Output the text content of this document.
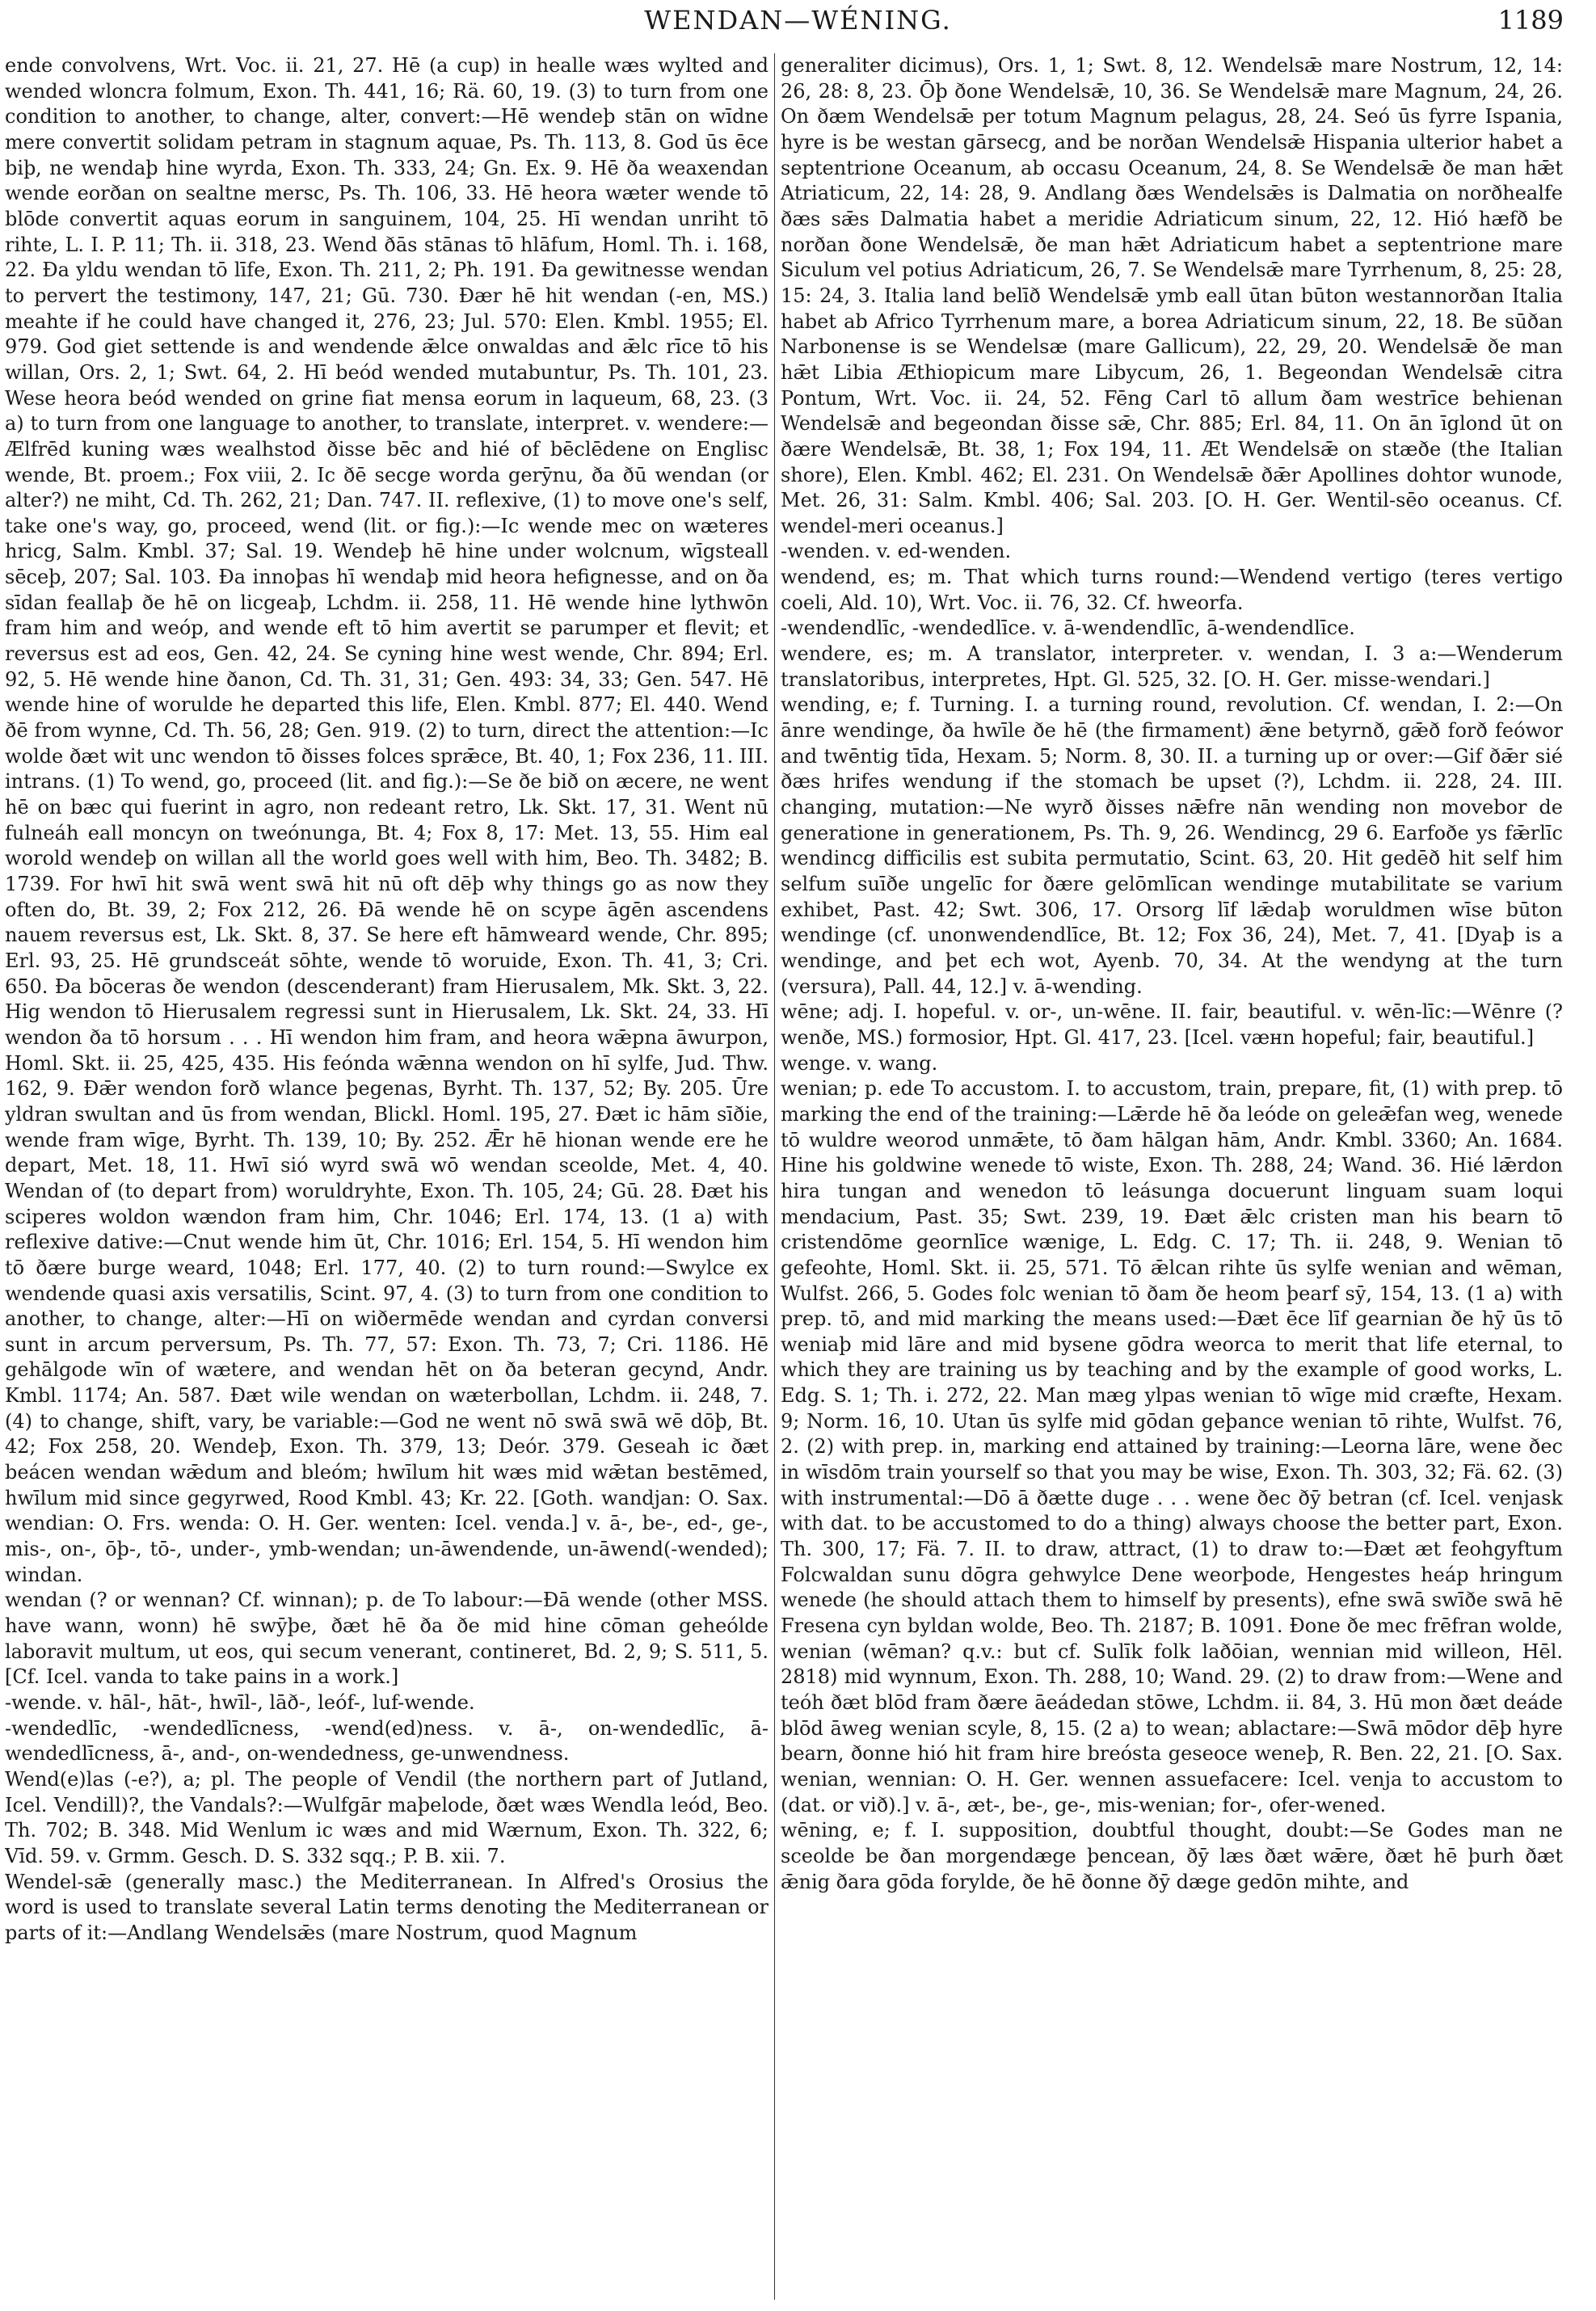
WENDAN—WÉNING.	1189

ende convolvens, Wrt. Voc. ii. 21, 27. Hē (a cup) in healle wæs wylted and wended wloncra folmum, Exon. Th. 441, 16; Rä. 60, 19. (3) to turn from one condition to another, to change, alter, convert:—Hē wendeþ stān on wīdne mere convertit solidam petram in stagnum aquae, Ps. Th. 113, 8. God ūs ēce biþ, ne wendaþ hine wyrda, Exon. Th. 333, 24; Gn. Ex. 9. Hē ða weaxendan wende eorðan on sealtne mersc, Ps. Th. 106, 33. Hē heora wæter wende tō blōde convertit aquas eorum in sanguinem, 104, 25. Hī wendan unriht tō rihte, L. I. P. 11; Th. ii. 318, 23. Wend ðās stānas tō hlāfum, Homl. Th. i. 168, 22. Ða yldu wendan tō līfe, Exon. Th. 211, 2; Ph. 191. Ða gewitnesse wendan to pervert the testimony, 147, 21; Gū. 730. Ðær hē hit wendan (-en, MS.) meahte if he could have changed it, 276, 23; Jul. 570: Elen. Kmbl. 1955; El. 979. God giet settende is and wendende ǣlce onwaldas and ǣlc rīce tō his willan, Ors. 2, 1; Swt. 64, 2. Hī beód wended mutabuntur, Ps. Th. 101, 23. Wese heora beód wended on grine fiat mensa eorum in laqueum, 68, 23. (3 a) to turn from one language to another, to translate, interpret. v. wendere:—Ælfrēd kuning wæs wealhstod ðisse bēc and hié of bēclēdene on Englisc wende, Bt. proem.; Fox viii, 2. Ic ðē secge worda gerȳnu, ða ðū wendan (or alter?) ne miht, Cd. Th. 262, 21; Dan. 747. II. reflexive, (1) to move one's self, take one's way, go, proceed, wend (lit. or fig.):—Ic wende mec on wæteres hricg, Salm. Kmbl. 37; Sal. 19. Wendeþ hē hine under wolcnum, wīgsteall sēceþ, 207; Sal. 103. Ða innoþas hī wendaþ mid heora hefignesse, and on ða sīdan feallaþ ðe hē on licgeaþ, Lchdm. ii. 258, 11. Hē wende hine lythwōn fram him and weóp, and wende eft tō him avertit se parumper et flevit; et reversus est ad eos, Gen. 42, 24. Se cyning hine west wende, Chr. 894; Erl. 92, 5. Hē wende hine ðanon, Cd. Th. 31, 31; Gen. 493: 34, 33; Gen. 547. Hē wende hine of worulde he departed this life, Elen. Kmbl. 877; El. 440. Wend ðē from wynne, Cd. Th. 56, 28; Gen. 919. (2) to turn, direct the attention:—Ic wolde ðæt wit unc wendon tō ðisses folces sprǣce, Bt. 40, 1; Fox 236, 11. III. intrans. (1) To wend, go, proceed (lit. and fig.):—Se ðe bið on æcere, ne went hē on bæc qui fuerint in agro, non redeant retro, Lk. Skt. 17, 31. Went nū fulneáh eall moncyn on tweónunga, Bt. 4; Fox 8, 17: Met. 13, 55. Him eal worold wendeþ on willan all the world goes well with him, Beo. Th. 3482; B. 1739. For hwī hit swā went swā hit nū oft dēþ why things go as now they often do, Bt. 39, 2; Fox 212, 26. Ðā wende hē on scype āgēn ascendens nauem reversus est, Lk. Skt. 8, 37. Se here eft hāmweard wende, Chr. 895; Erl. 93, 25. Hē grundsceát sōhte, wende tō woruide, Exon. Th. 41, 3; Cri. 650. Ða bōceras ðe wendon (descenderant) fram Hierusalem, Mk. Skt. 3, 22. Hig wendon tō Hierusalem regressi sunt in Hierusalem, Lk. Skt. 24, 33. Hī wendon ða tō horsum . . . Hī wendon him fram, and heora wǣpna āwurpon, Homl. Skt. ii. 25, 425, 435. His feónda wǣnna wendon on hī sylfe, Jud. Thw. 162, 9. Ðǣr wendon forð wlance þegenas, Byrht. Th. 137, 52; By. 205. Ūre yldran swultan and ūs from wendan, Blickl. Homl. 195, 27. Ðæt ic hām sīðie, wende fram wīge, Byrht. Th. 139, 10; By. 252. Ǣr hē hionan wende ere he depart, Met. 18, 11. Hwī sió wyrd swā wō wendan sceolde, Met. 4, 40. Wendan of (to depart from) woruldryhte, Exon. Th. 105, 24; Gū. 28. Ðæt his sciperes woldon wændon fram him, Chr. 1046; Erl. 174, 13. (1 a) with reflexive dative:—Cnut wende him ūt, Chr. 1016; Erl. 154, 5. Hī wendon him tō ðære burge weard, 1048; Erl. 177, 40. (2) to turn round:—Swylce ex wendende quasi axis versatilis, Scint. 97, 4. (3) to turn from one condition to another, to change, alter:—Hī on wiðermēde wendan and cyrdan conversi sunt in arcum perversum, Ps. Th. 77, 57: Exon. Th. 73, 7; Cri. 1186. Hē gehālgode wīn of wætere, and wendan hēt on ða beteran gecynd, Andr. Kmbl. 1174; An. 587. Ðæt wile wendan on wæterbollan, Lchdm. ii. 248, 7. (4) to change, shift, vary, be variable:—God ne went nō swā swā wē dōþ, Bt. 42; Fox 258, 20. Wendeþ, Exon. Th. 379, 13; Deór. 379. Geseah ic ðæt beácen wendan wǣdum and bleóm; hwīlum hit wæs mid wǣtan bestēmed, hwīlum mid since gegyrwed, Rood Kmbl. 43; Kr. 22. [Goth. wandjan: O. Sax. wendian: O. Frs. wenda: O. H. Ger. wenten: Icel. venda.] v. ā-, be-, ed-, ge-, mis-, on-, ōþ-, tō-, under-, ymb-wendan; un-āwendende, un-āwend(-wended); windan.

wendan (? or wennan? Cf. winnan); p. de To labour:—Ðā wende (other MSS. have wann, wonn) hē swȳþe, ðæt hē ða ðe mid hine cōman geheólde laboravit multum, ut eos, qui secum venerant, contineret, Bd. 2, 9; S. 511, 5. [Cf. Icel. vanda to take pains in a work.]

-wende. v. hāl-, hāt-, hwīl-, lāð-, leóf-, luf-wende.

-wendedlīc, -wendedlīcness, -wend(ed)ness. v. ā-, on-wendedlīc, ā-wendedlīcness, ā-, and-, on-wendedness, ge-unwendness.

Wend(e)las (-e?), a; pl. The people of Vendil (the northern part of Jutland, Icel. Vendill)?, the Vandals?:—Wulfgār maþelode, ðæt wæs Wendla leód, Beo. Th. 702; B. 348. Mid Wenlum ic wæs and mid Wærnum, Exon. Th. 322, 6; Vīd. 59. v. Grmm. Gesch. D. S. 332 sqq.; P. B. xii. 7.

Wendel-sǣ (generally masc.) the Mediterranean. In Alfred's Orosius the word is used to translate several Latin terms denoting the Mediterranean or parts of it:—Andlang Wendelsǣs (mare Nostrum, quod Magnum

generaliter dicimus), Ors. 1, 1; Swt. 8, 12. Wendelsǣ mare Nostrum, 12, 14: 26, 28: 8, 23. Ōþ ðone Wendelsǣ, 10, 36. Se Wendelsǣ mare Magnum, 24, 26. On ðæm Wendelsǣ per totum Magnum pelagus, 28, 24. Seó ūs fyrre Ispania, hyre is be westan gārsecg, and be norðan Wendelsǣ Hispania ulterior habet a septentrione Oceanum, ab occasu Oceanum, 24, 8. Se Wendelsǣ ðe man hǣt Atriaticum, 22, 14: 28, 9. Andlang ðæs Wendelsǣs is Dalmatia on norðhealfe ðæs sǣs Dalmatia habet a meridie Adriaticum sinum, 22, 12. Hió hæfð be norðan ðone Wendelsǣ, ðe man hǣt Adriaticum habet a septentrione mare Siculum vel potius Adriaticum, 26, 7. Se Wendelsǣ mare Tyrrhenum, 8, 25: 28, 15: 24, 3. Italia land belīð Wendelsǣ ymb eall ūtan būton westannorðan Italia habet ab Africo Tyrrhenum mare, a borea Adriaticum sinum, 22, 18. Be sūðan Narbonense is se Wendelsæ (mare Gallicum), 22, 29, 20. Wendelsǣ ðe man hǣt Libia Æthiopicum mare Libycum, 26, 1. Begeondan Wendelsǣ citra Pontum, Wrt. Voc. ii. 24, 52. Fēng Carl tō allum ðam westrīce behienan Wendelsǣ and begeondan ðisse sǣ, Chr. 885; Erl. 84, 11. On ān īglond ūt on ðære Wendelsǣ, Bt. 38, 1; Fox 194, 11. Æt Wendelsǣ on stæðe (the Italian shore), Elen. Kmbl. 462; El. 231. On Wendelsǣ ðǣr Apollines dohtor wunode, Met. 26, 31: Salm. Kmbl. 406; Sal. 203. [O. H. Ger. Wentil-sēo oceanus. Cf. wendel-meri oceanus.]

-wenden. v. ed-wenden.

wendend, es; m. That which turns round:—Wendend vertigo (teres vertigo coeli, Ald. 10), Wrt. Voc. ii. 76, 32. Cf. hweorfa.

-wendendlīc, -wendedlīce. v. ā-wendendlīc, ā-wendendlīce.

wendere, es; m. A translator, interpreter. v. wendan, I. 3 a:—Wenderum translatoribus, interpretes, Hpt. Gl. 525, 32. [O. H. Ger. misse-wendari.]

wending, e; f. Turning. I. a turning round, revolution. Cf. wendan, I. 2:—On ānre wendinge, ða hwīle ðe hē (the firmament) ǣne betyrnð, gǣð forð feówor and twēntig tīda, Hexam. 5; Norm. 8, 30. II. a turning up or over:—Gif ðǣr sié ðæs hrifes wendung if the stomach be upset (?), Lchdm. ii. 228, 24. III. changing, mutation:—Ne wyrð ðisses nǣfre nān wending non movebor de generatione in generationem, Ps. Th. 9, 26. Wendincg, 29 6. Earfoðe ys fǣrlīc wendincg difficilis est subita permutatio, Scint. 63, 20. Hit gedēð hit self him selfum suīðe ungelīc for ðære gelōmlīcan wendinge mutabilitate se varium exhibet, Past. 42; Swt. 306, 17. Orsorg līf lǣdaþ woruldmen wīse būton wendinge (cf. unonwendendlīce, Bt. 12; Fox 36, 24), Met. 7, 41. [Dyaþ is a wendinge, and þet ech wot, Ayenb. 70, 34. At the wendyng at the turn (versura), Pall. 44, 12.] v. ā-wending.

wēne; adj. I. hopeful. v. or-, un-wēne. II. fair, beautiful. v. wēn-līc:—Wēnre (? wenðe, MS.) formosior, Hpt. Gl. 417, 23. [Icel. væнn hopeful; fair, beautiful.]

wenge. v. wang.

wenian; p. ede To accustom. I. to accustom, train, prepare, fit, (1) with prep. tō marking the end of the training:—Lǣrde hē ða leóde on geleǣfan weg, wenede tō wuldre weorod unmǣte, tō ðam hālgan hām, Andr. Kmbl. 3360; An. 1684. Hine his goldwine wenede tō wiste, Exon. Th. 288, 24; Wand. 36. Hié lǣrdon hira tungan and wenedon tō leásunga docuerunt linguam suam loqui mendacium, Past. 35; Swt. 239, 19. Ðæt ǣlc cristen man his bearn tō cristendōme geornlīce wænige, L. Edg. C. 17; Th. ii. 248, 9. Wenian tō gefeohte, Homl. Skt. ii. 25, 571. Tō ǣlcan rihte ūs sylfe wenian and wēman, Wulfst. 266, 5. Godes folc wenian tō ðam ðe heom þearf sȳ, 154, 13. (1 a) with prep. tō, and mid marking the means used:—Ðæt ēce līf gearnian ðe hȳ ūs tō weniaþ mid lāre and mid bysene gōdra weorca to merit that life eternal, to which they are training us by teaching and by the example of good works, L. Edg. S. 1; Th. i. 272, 22. Man mæg ylpas wenian tō wīge mid cræfte, Hexam. 9; Norm. 16, 10. Utan ūs sylfe mid gōdan geþance wenian tō rihte, Wulfst. 76, 2. (2) with prep. in, marking end attained by training:—Leorna lāre, wene ðec in wīsdōm train yourself so that you may be wise, Exon. Th. 303, 32; Fä. 62. (3) with instrumental:—Dō ā ðætte duge . . . wene ðec ðȳ betran (cf. Icel. venjask with dat. to be accustomed to do a thing) always choose the better part, Exon. Th. 300, 17; Fä. 7. II. to draw, attract, (1) to draw to:—Ðæt æt feohgyftum Folcwaldan sunu dōgra gehwylce Dene weorþode, Hengestes heáp hringum wenede (he should attach them to himself by presents), efne swā swīðe swā hē Fresena cyn byldan wolde, Beo. Th. 2187; B. 1091. Ðone ðe mec frēfran wolde, wenian (wēman? q.v.: but cf. Sulīk folk laðōian, wennian mid willeon, Hēl. 2818) mid wynnum, Exon. Th. 288, 10; Wand. 29. (2) to draw from:—Wene and teóh ðæt blōd fram ðære āeádedan stōwe, Lchdm. ii. 84, 3. Hū mon ðæt deáde blōd āweg wenian scyle, 8, 15. (2 a) to wean; ablactare:—Swā mōdor dēþ hyre bearn, ðonne hió hit fram hire breósta geseoce weneþ, R. Ben. 22, 21. [O. Sax. wenian, wennian: O. H. Ger. wennen assuefacere: Icel. venja to accustom to (dat. or við).] v. ā-, æt-, be-, ge-, mis-wenian; for-, ofer-wened.

wēning, e; f. I. supposition, doubtful thought, doubt:—Se Godes man ne sceolde be ðan morgendæge þencean, ðȳ læs ðæt wǣre, ðæt hē þurh ðæt ǣnig ðara gōda forylde, ðe hē ðonne ðȳ dæge gedōn mihte, and
